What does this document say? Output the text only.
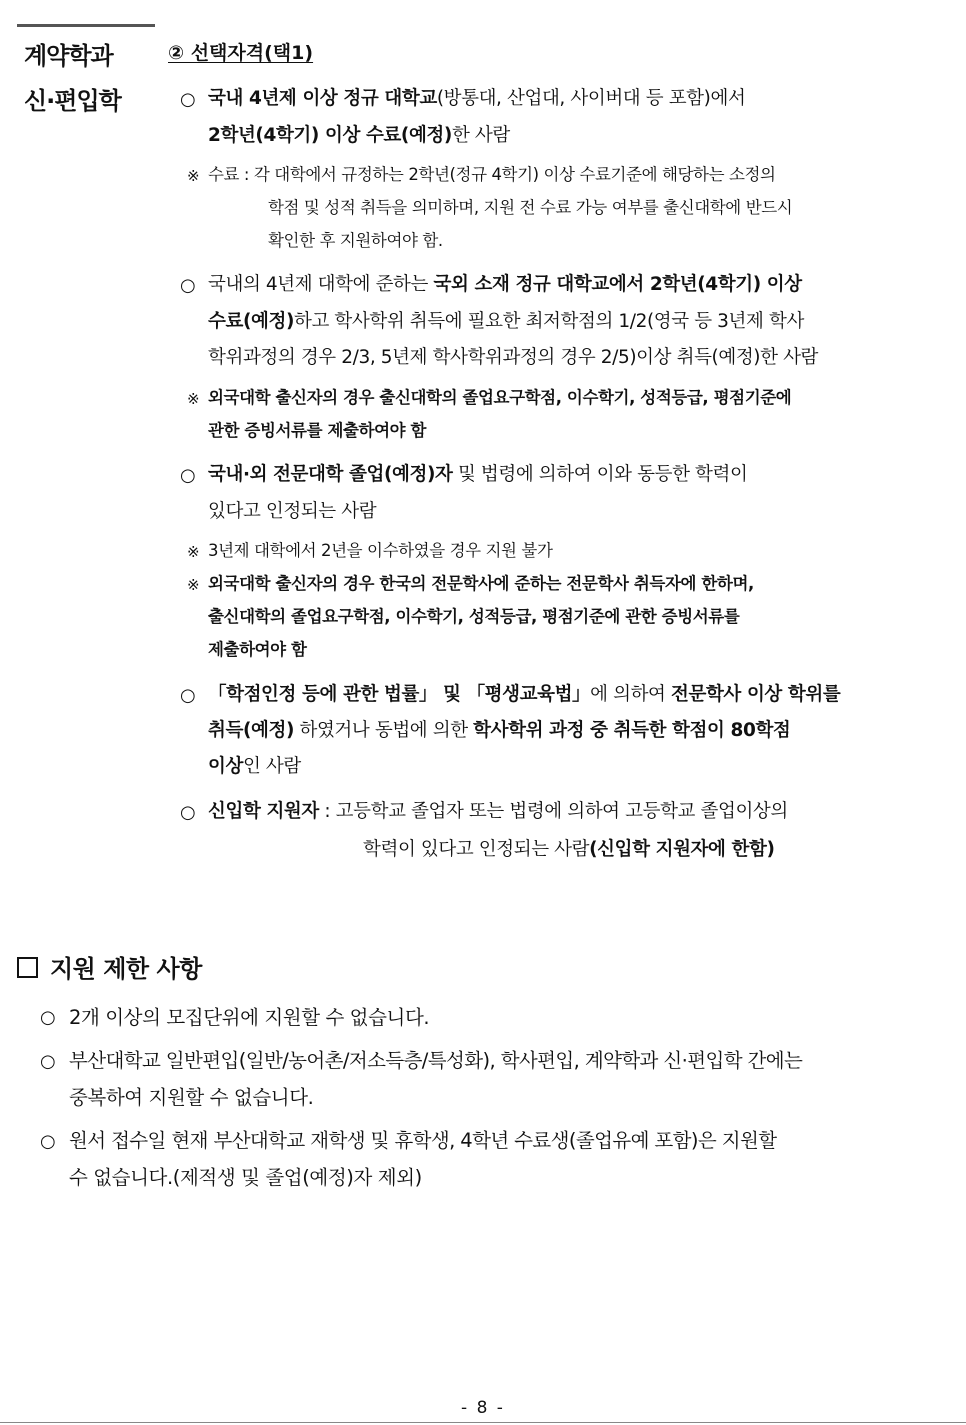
계약학과
신·편입학
② 선택자격(택1)
○ 국내 4년제 이상 정규 대학교(방통대, 산업대, 사이버대 등 포함)에서
2학년(4학기) 이상 수료(예정)한 사람
※ 수료 : 각 대학에서 규정하는 2학년(정규 4학기) 이상 수료기준에 해당하는 소정의
학점 및 성적 취득을 의미하며, 지원 전 수료 가능 여부를 출신대학에 반드시
확인한 후 지원하여야 함.
○ 국내의 4년제 대학에 준하는 국외 소재 정규 대학교에서 2학년(4학기) 이상
수료(예정)하고 학사학위 취득에 필요한 최저학점의 1/2(영국 등 3년제 학사
학위과정의 경우 2/3, 5년제 학사학위과정의 경우 2/5)이상 취득(예정)한 사람
※ 외국대학 출신자의 경우 출신대학의 졸업요구학점, 이수학기, 성적등급, 평점기준에
관한 증빙서류를 제출하여야 함
○ 국내·외 전문대학 졸업(예정)자 및 법령에 의하여 이와 동등한 학력이
있다고 인정되는 사람
※ 3년제 대학에서 2년을 이수하였을 경우 지원 불가
※ 외국대학 출신자의 경우 한국의 전문학사에 준하는 전문학사 취득자에 한하며,
출신대학의 졸업요구학점, 이수학기, 성적등급, 평점기준에 관한 증빙서류를
제출하여야 함
○ 「학점인정 등에 관한 법률」 및 「평생교육법」에 의하여 전문학사 이상 학위를
취득(예정) 하였거나 동법에 의한 학사학위 과정 중 취득한 학점이 80학점
이상인 사람
○ 신입학 지원자 : 고등학교 졸업자 또는 법령에 의하여 고등학교 졸업이상의
학력이 있다고 인정되는 사람(신입학 지원자에 한함)
지원 제한 사항
○ 2개 이상의 모집단위에 지원할 수 없습니다.
○ 부산대학교 일반편입(일반/농어촌/저소득층/특성화), 학사편입, 계약학과 신·편입학 간에는
중복하여 지원할 수 없습니다.
○ 원서 접수일 현재 부산대학교 재학생 및 휴학생, 4학년 수료생(졸업유예 포함)은 지원할
수 없습니다.(제적생 및 졸업(예정)자 제외)
- 8 -
